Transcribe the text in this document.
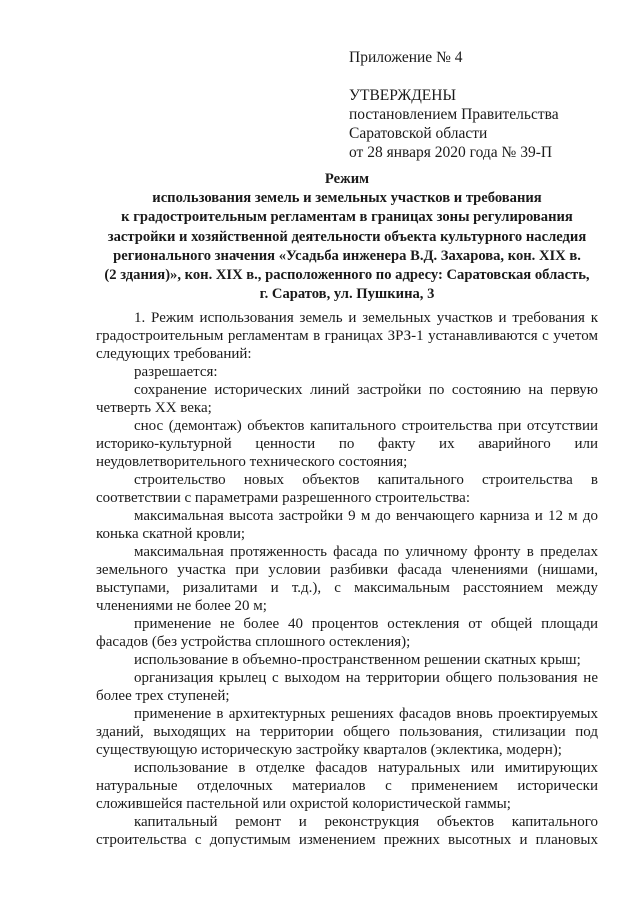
Приложение № 4
УТВЕРЖДЕНЫ
постановлением Правительства
Саратовской области
от 28 января 2020 года № 39-П
Режим
использования земель и земельных участков и требования
к градостроительным регламентам в границах зоны регулирования
застройки и хозяйственной деятельности объекта культурного наследия
регионального значения «Усадьба инженера В.Д. Захарова, кон. XIX в.
(2 здания)», кон. XIX в., расположенного по адресу: Саратовская область,
г. Саратов, ул. Пушкина, 3

1. Режим использования земель и земельных участков и требования к градостроительным регламентам в границах ЗРЗ-1 устанавливаются с учетом следующих требований:

разрешается:

сохранение исторических линий застройки по состоянию на первую четверть XX века;

снос (демонтаж) объектов капитального строительства при отсутствии историко-культурной ценности по факту их аварийного или неудовлетворительного технического состояния;

строительство новых объектов капитального строительства в соответствии с параметрами разрешенного строительства:

максимальная высота застройки 9 м до венчающего карниза и 12 м до конька скатной кровли;

максимальная протяженность фасада по уличному фронту в пределах земельного участка при условии разбивки фасада членениями (нишами, выступами, ризалитами и т.д.), с максимальным расстоянием между членениями не более 20 м;

применение не более 40 процентов остекления от общей площади фасадов (без устройства сплошного остекления);

использование в объемно-пространственном решении скатных крыш;

организация крылец с выходом на территории общего пользования не более трех ступеней;

применение в архитектурных решениях фасадов вновь проектируемых зданий, выходящих на территории общего пользования, стилизации под существующую историческую застройку кварталов (эклектика, модерн);

использование в отделке фасадов натуральных или имитирующих натуральные отделочных материалов с применением исторически сложившейся пастельной или охристой колористической гаммы;

капитальный ремонт и реконструкция объектов капитального строительства с допустимым изменением прежних высотных и плановых
